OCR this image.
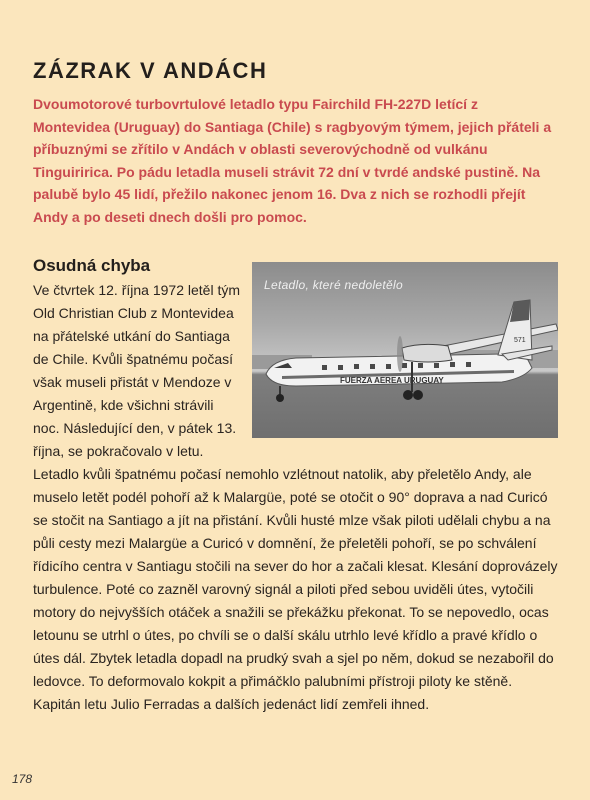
ZÁZRAK V ANDÁCH

Dvoumotorové turbovrtulové letadlo typu Fairchild FH-227D letící z Montevidea (Uruguay) do Santiaga (Chile) s ragbyovým týmem, jejich přáteli a příbuznými se zřítilo v Andách v oblasti severovýchodně od vulkánu Tinguiririca. Po pádu letadla museli strávit 72 dní v tvrdé andské pustině. Na palubě bylo 45 lidí, přežilo nakonec jenom 16. Dva z nich se rozhodli přejít Andy a po deseti dnech došli pro pomoc.

Osudná chyba
FUERZA AEREA URUGUAY
571
Letadlo, které nedoletělo
Ve čtvrtek 12. října 1972 letěl tým Old Christian Club z Montevidea na přátelské utkání do Santiaga de Chile. Kvůli špatnému počasí však museli přistát v Mendoze v Argentině, kde všichni strávili noc. Následující den, v pátek 13. října, se pokračovalo v letu. Letadlo kvůli špatnému počasí nemohlo vzlétnout natolik, aby přeletělo Andy, ale muselo letět podél pohoří až k Malargüe, poté se otočit o 90° doprava a nad Curicó se stočit na Santiago a jít na přistání. Kvůli husté mlze však piloti udělali chybu a na půli cesty mezi Malargüe a Curicó v domnění, že přeletěli pohoří, se po schválení řídicího centra v Santiagu stočili na sever do hor a začali klesat. Klesání doprovázely turbulence. Poté co zazněl varovný signál a piloti před sebou uviděli útes, vytočili motory do nejvyšších otáček a snažili se překážku překonat. To se nepovedlo, ocas letounu se utrhl o útes, po chvíli se o další skálu utrhlo levé křídlo a pravé křídlo o útes dál. Zbytek letadla dopadl na prudký svah a sjel po něm, dokud se nezabořil do ledovce. To deformovalo kokpit a přimáčklo palubními přístroji piloty ke stěně. Kapitán letu Julio Ferradas a dalších jedenáct lidí zemřeli ihned.
178
